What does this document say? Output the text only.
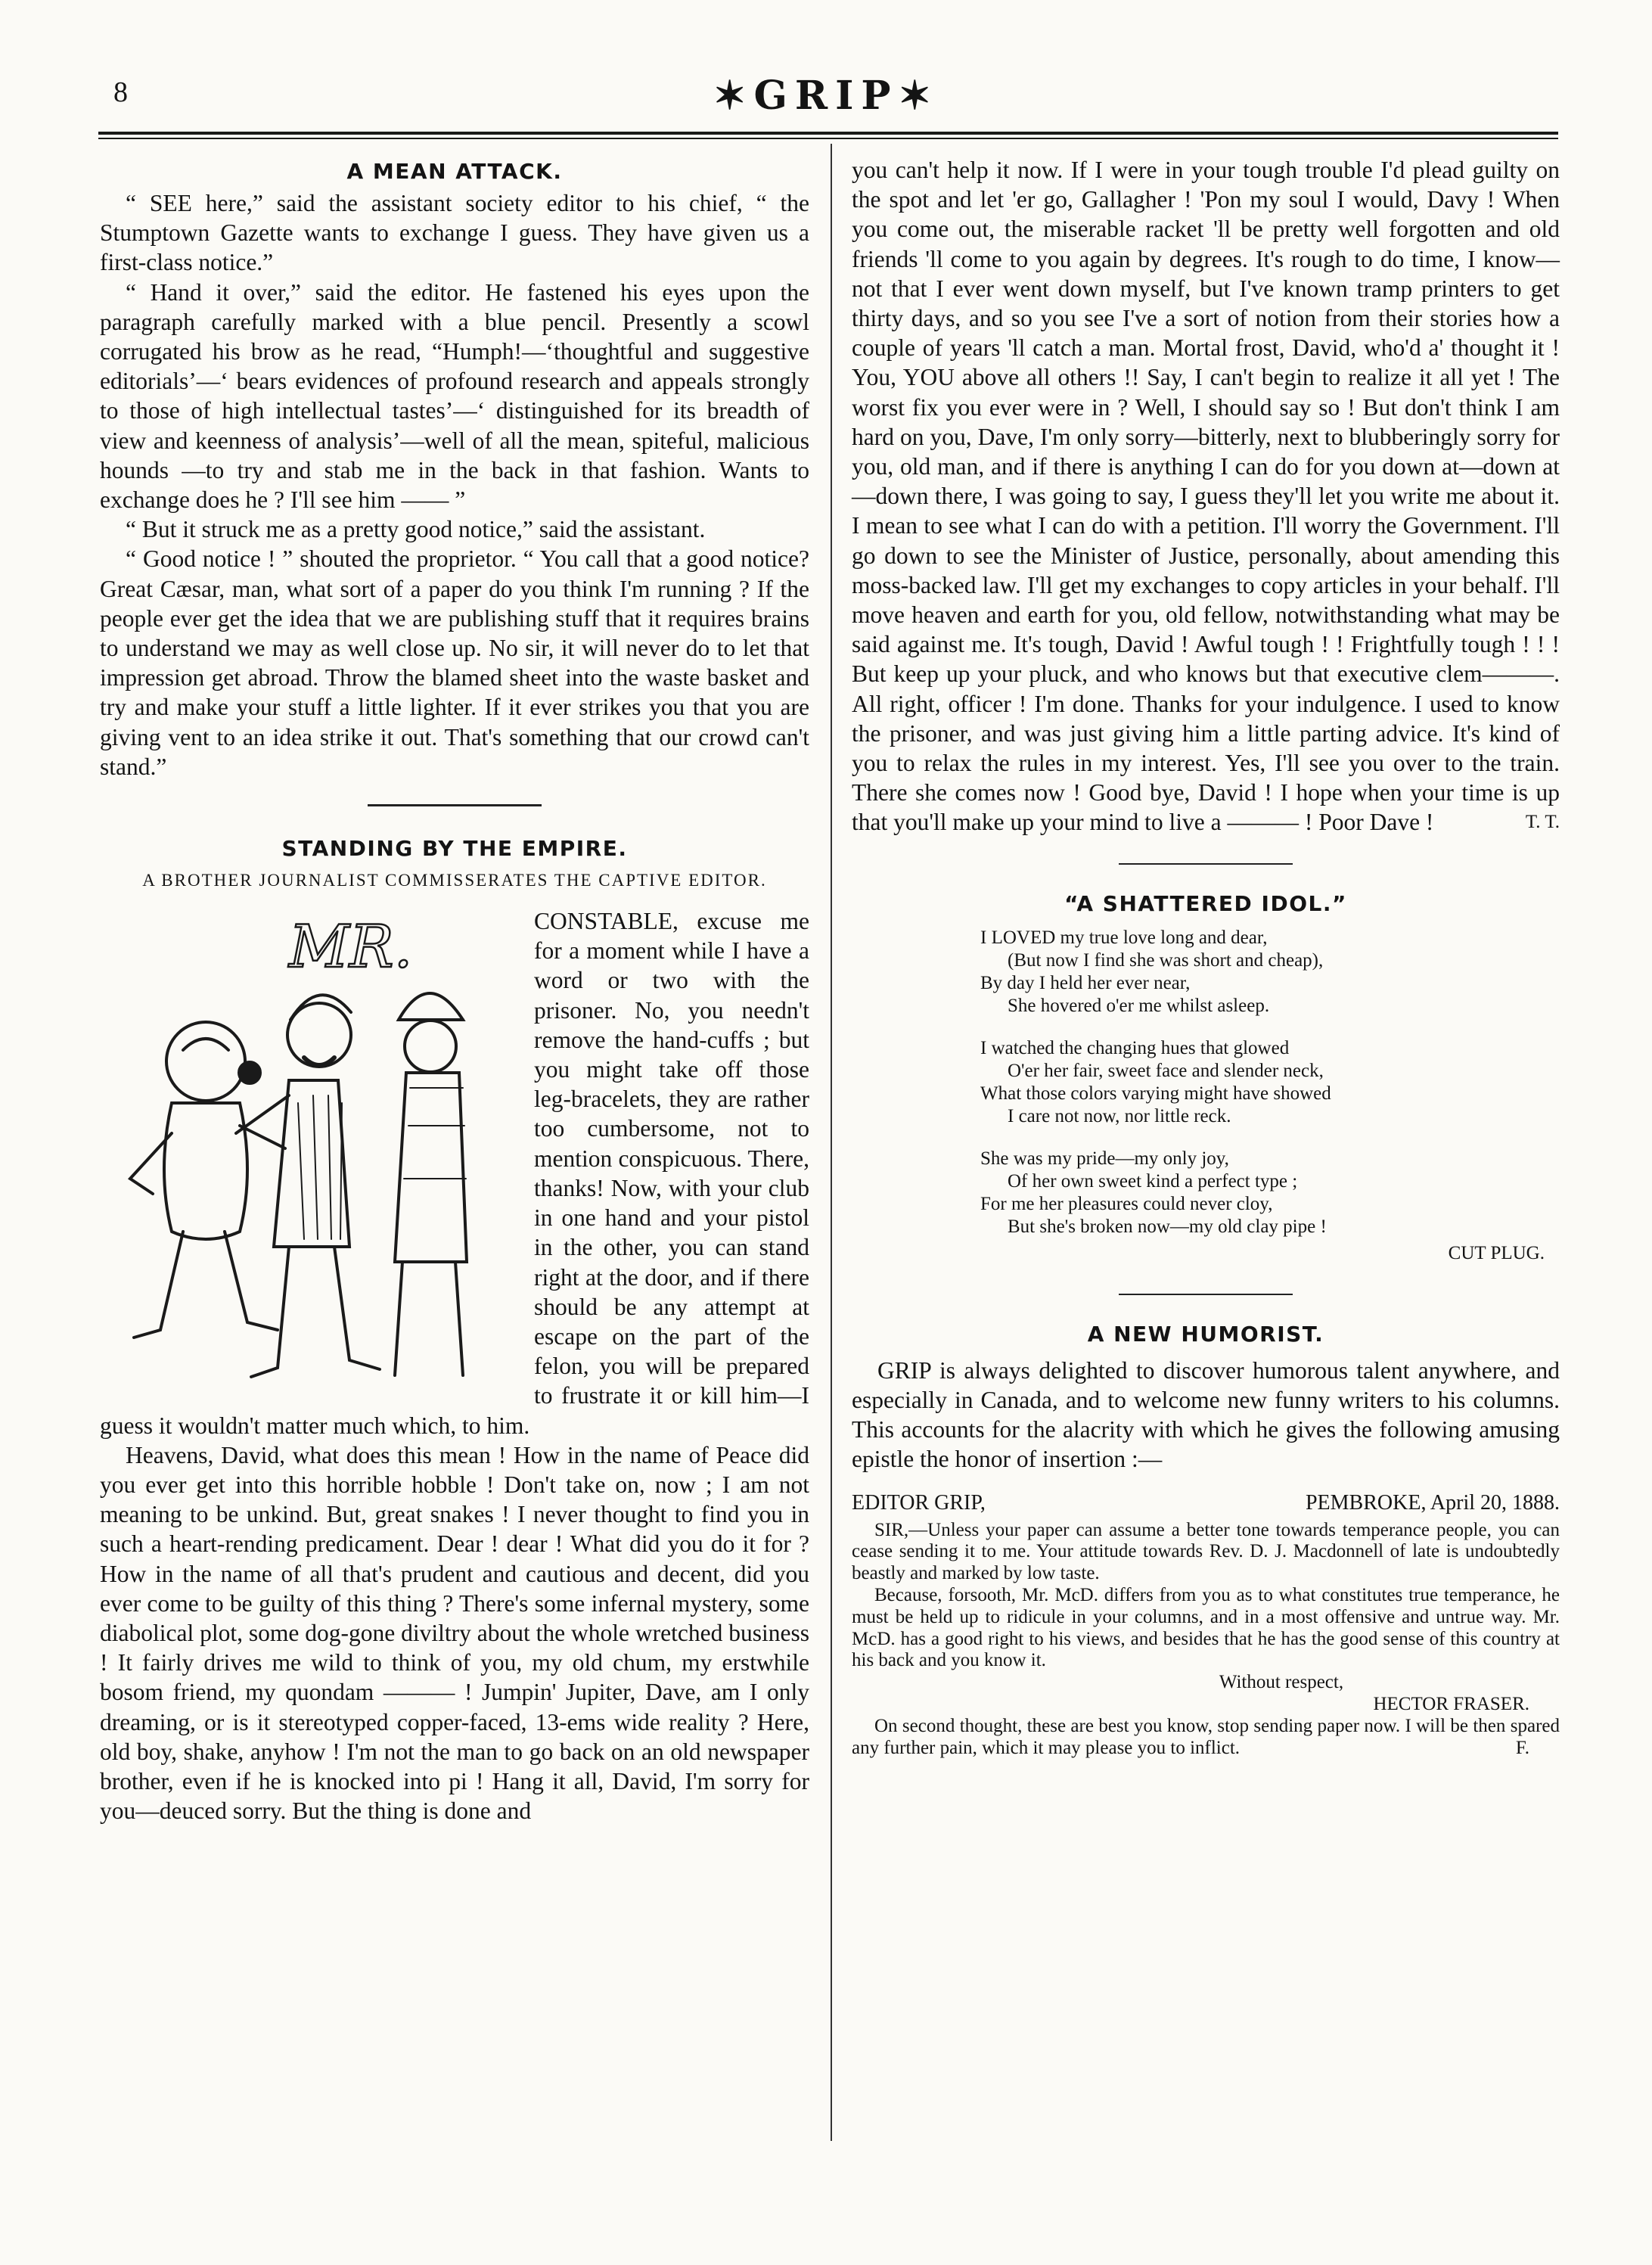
8	✶GRIP✶
A MEAN ATTACK.

“ SEE here,” said the assistant society editor to his chief, “ the Stumptown Gazette wants to exchange I guess. They have given us a first-class notice.”

“ Hand it over,” said the editor. He fastened his eyes upon the paragraph carefully marked with a blue pencil. Presently a scowl corrugated his brow as he read, “Humph!—‘thoughtful and suggestive editorials’—‘ bears evidences of profound research and appeals strongly to those of high intellectual tastes’—‘ distinguished for its breadth of view and keenness of analysis’—well of all the mean, spiteful, malicious hounds —to try and stab me in the back in that fashion. Wants to exchange does he ? I'll see him —— ”

“ But it struck me as a pretty good notice,” said the assistant.

“ Good notice ! ” shouted the proprietor. “ You call that a good notice? Great Cæsar, man, what sort of a paper do you think I'm running ? If the people ever get the idea that we are publishing stuff that it requires brains to understand we may as well close up. No sir, it will never do to let that impression get abroad. Throw the blamed sheet into the waste basket and try and make your stuff a little lighter. If it ever strikes you that you are giving vent to an idea strike it out. That's something that our crowd can't stand.”

STANDING BY THE EMPIRE.
A BROTHER JOURNALIST COMMISSERATES THE CAPTIVE EDITOR.
MR.	CONSTABLE, excuse me for a moment while I have a word or two with the prisoner. No, you needn't remove the hand-cuffs ; but you might take off those leg-bracelets, they are rather too cumbersome, not to mention conspicuous. There, thanks! Now, with your club in one hand and your pistol in the other, you can stand right at the door, and if there should be any attempt at escape on the part of the felon, you will be prepared to frustrate it or kill him—I guess it wouldn't matter much which, to him.

Heavens, David, what does this mean ! How in the name of Peace did you ever get into this horrible hobble ! Don't take on, now ; I am not meaning to be unkind. But, great snakes ! I never thought to find you in such a heart-rending predicament. Dear ! dear ! What did you do it for ? How in the name of all that's prudent and cautious and decent, did you ever come to be guilty of this thing ? There's some infernal mystery, some diabolical plot, some dog-gone diviltry about the whole wretched business ! It fairly drives me wild to think of you, my old chum, my erstwhile bosom friend, my quondam ——— ! Jumpin' Jupiter, Dave, am I only dreaming, or is it stereotyped copper-faced, 13-ems wide reality ? Here, old boy, shake, anyhow ! I'm not the man to go back on an old newspaper brother, even if he is knocked into pi ! Hang it all, David, I'm sorry for you—deuced sorry. But the thing is done and

you can't help it now. If I were in your tough trouble I'd plead guilty on the spot and let 'er go, Gallagher ! 'Pon my soul I would, Davy ! When you come out, the miserable racket 'll be pretty well forgotten and old friends 'll come to you again by degrees. It's rough to do time, I know—not that I ever went down myself, but I've known tramp printers to get thirty days, and so you see I've a sort of notion from their stories how a couple of years 'll catch a man. Mortal frost, David, who'd a' thought it ! You, YOU above all others !! Say, I can't begin to realize it all yet ! The worst fix you ever were in ? Well, I should say so ! But don't think I am hard on you, Dave, I'm only sorry—bitterly, next to blubberingly sorry for you, old man, and if there is anything I can do for you down at—down at—down there, I was going to say, I guess they'll let you write me about it. I mean to see what I can do with a petition. I'll worry the Government. I'll go down to see the Minister of Justice, personally, about amending this moss-backed law. I'll get my exchanges to copy articles in your behalf. I'll move heaven and earth for you, old fellow, notwithstanding what may be said against me. It's tough, David ! Awful tough ! ! Frightfully tough ! ! ! But keep up your pluck, and who knows but that executive clem———. All right, officer ! I'm done. Thanks for your indulgence. I used to know the prisoner, and was just giving him a little parting advice. It's kind of you to relax the rules in my interest. Yes, I'll see you over to the train. There she comes now ! Good bye, David ! I hope when your time is up that you'll make up your mind to live a ——— ! Poor Dave !	T. T.

“A SHATTERED IDOL.”
I LOVED my true love long and dear,
(But now I find she was short and cheap),
By day I held her ever near,
She hovered o'er me whilst asleep.
I watched the changing hues that glowed
O'er her fair, sweet face and slender neck,
What those colors varying might have showed
I care not now, nor little reck.
She was my pride—my only joy,
Of her own sweet kind a perfect type ;
For me her pleasures could never cloy,
But she's broken now—my old clay pipe !
CUT PLUG.
A NEW HUMORIST.

GRIP is always delighted to discover humorous talent anywhere, and especially in Canada, and to welcome new funny writers to his columns. This accounts for the alacrity with which he gives the following amusing epistle the honor of insertion :—

EDITOR GRIP,	PEMBROKE, April 20, 1888.

SIR,—Unless your paper can assume a better tone towards temperance people, you can cease sending it to me. Your attitude towards Rev. D. J. Macdonnell of late is undoubtedly beastly and marked by low taste.

Because, forsooth, Mr. McD. differs from you as to what constitutes true temperance, he must be held up to ridicule in your columns, and in a most offensive and untrue way. Mr. McD. has a good right to his views, and besides that he has the good sense of this country at his back and you know it.

Without respect,
HECTOR FRASER.

On second thought, these are best you know, stop sending paper now. I will be then spared any further pain, which it may please you to inflict.	F.
